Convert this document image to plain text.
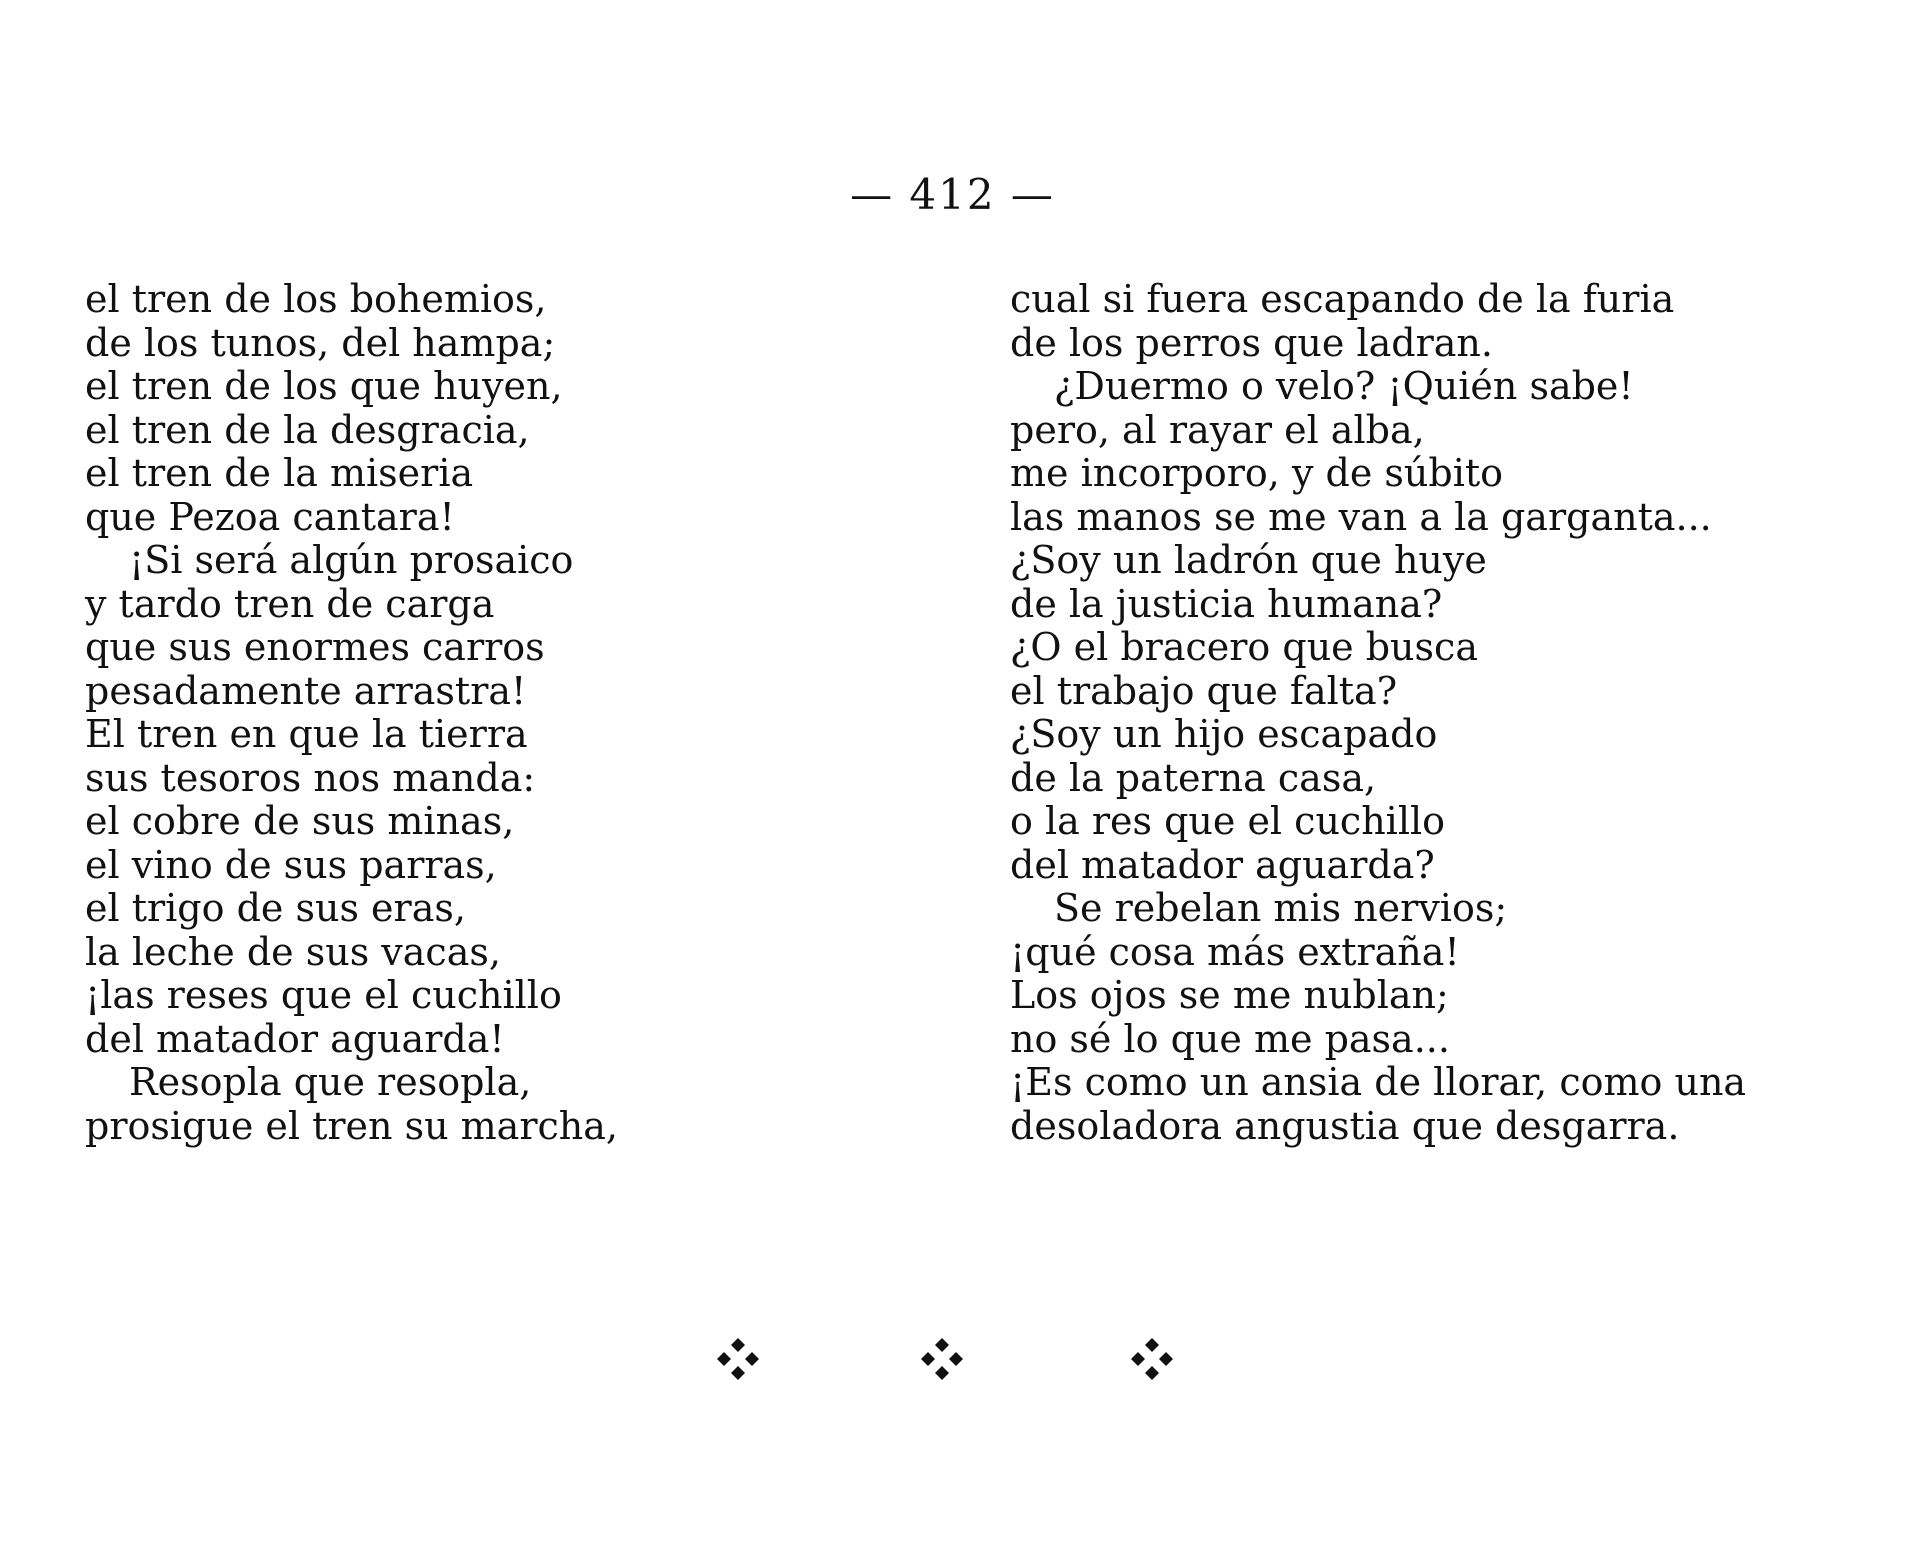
— 412 —
el tren de los bohemios,
de los tunos, del hampa;
el tren de los que huyen,
el tren de la desgracia,
el tren de la miseria
que Pezoa cantara!
¡Si será algún prosaico
y tardo tren de carga
que sus enormes carros
pesadamente arrastra!
El tren en que la tierra
sus tesoros nos manda:
el cobre de sus minas,
el vino de sus parras,
el trigo de sus eras,
la leche de sus vacas,
¡las reses que el cuchillo
del matador aguarda!
Resopla que resopla,
prosigue el tren su marcha,
cual si fuera escapando de la furia
de los perros que ladran.
¿Duermo o velo? ¡Quién sabe!
pero, al rayar el alba,
me incorporo, y de súbito
las manos se me van a la garganta...
¿Soy un ladrón que huye
de la justicia humana?
¿O el bracero que busca
el trabajo que falta?
¿Soy un hijo escapado
de la paterna casa,
o la res que el cuchillo
del matador aguarda?
Se rebelan mis nervios;
¡qué cosa más extraña!
Los ojos se me nublan;
no sé lo que me pasa...
¡Es como un ansia de llorar, como una
desoladora angustia que desgarra.
